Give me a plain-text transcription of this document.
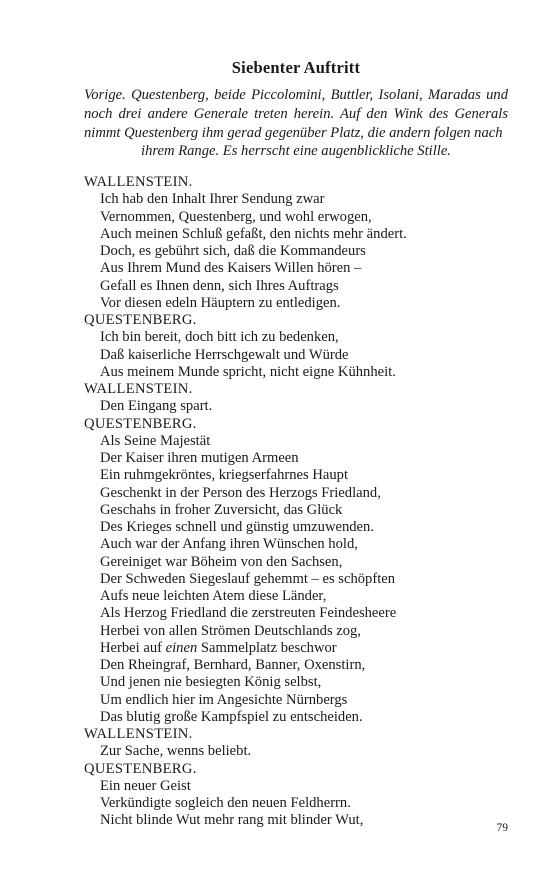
Siebenter Auftritt

Vorige. Questenberg, beide Piccolomini, Buttler, Isolani, Maradas und noch drei andere Generale treten herein. Auf den Wink des Generals nimmt Questenberg ihm gerad gegenüber Platz, die andern folgen nach
ihrem Range. Es herrscht eine augenblickliche Stille.

WALLENSTEIN.
Ich hab den Inhalt Ihrer Sendung zwar
Vernommen, Questenberg, und wohl erwogen,
Auch meinen Schluß gefaßt, den nichts mehr ändert.
Doch, es gebührt sich, daß die Kommandeurs
Aus Ihrem Mund des Kaisers Willen hören –
Gefall es Ihnen denn, sich Ihres Auftrags
Vor diesen edeln Häuptern zu entledigen.
QUESTENBERG.
Ich bin bereit, doch bitt ich zu bedenken,
Daß kaiserliche Herrschgewalt und Würde
Aus meinem Munde spricht, nicht eigne Kühnheit.
WALLENSTEIN.
Den Eingang spart.
QUESTENBERG.
Als Seine Majestät
Der Kaiser ihren mutigen Armeen
Ein ruhmgekröntes, kriegserfahrnes Haupt
Geschenkt in der Person des Herzogs Friedland,
Geschahs in froher Zuversicht, das Glück
Des Krieges schnell und günstig umzuwenden.
Auch war der Anfang ihren Wünschen hold,
Gereiniget war Böheim von den Sachsen,
Der Schweden Siegeslauf gehemmt – es schöpften
Aufs neue leichten Atem diese Länder,
Als Herzog Friedland die zerstreuten Feindesheere
Herbei von allen Strömen Deutschlands zog,
Herbei auf einen Sammelplatz beschwor
Den Rheingraf, Bernhard, Banner, Oxenstirn,
Und jenen nie besiegten König selbst,
Um endlich hier im Angesichte Nürnbergs
Das blutig große Kampfspiel zu entscheiden.
WALLENSTEIN.
Zur Sache, wenns beliebt.
QUESTENBERG.
Ein neuer Geist
Verkündigte sogleich den neuen Feldherrn.
Nicht blinde Wut mehr rang mit blinder Wut,	79
